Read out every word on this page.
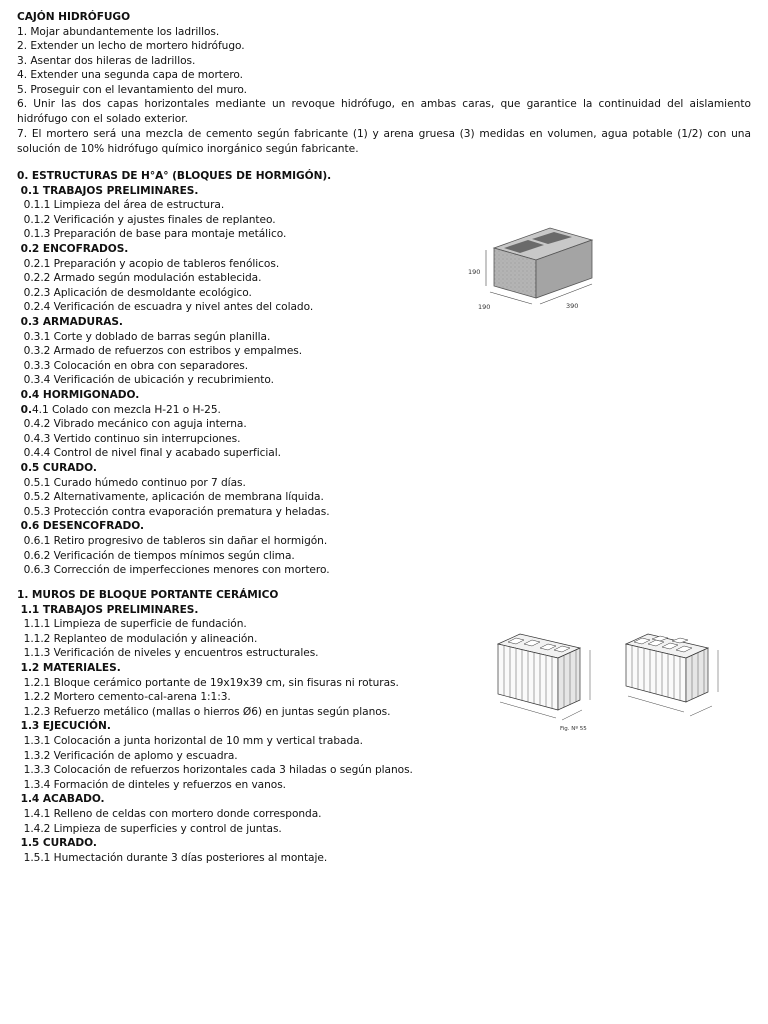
CAJÓN HIDRÓFUGO
1. Mojar abundantemente los ladrillos.
2. Extender un lecho de mortero hidrófugo.
3. Asentar dos hileras de ladrillos.
4. Extender una segunda capa de mortero.
5. Proseguir con el levantamiento del muro.
6. Unir las dos capas horizontales mediante un revoque hidrófugo, en ambas caras, que garantice la continuidad del aislamiento hidrófugo con el solado exterior.
7. El mortero será una mezcla de cemento según fabricante (1) y arena gruesa (3) medidas en volumen, agua potable (1/2) con una solución de 10% hidrófugo químico inorgánico según fabricante.
0. ESTRUCTURAS DE H°A° (BLOQUES DE HORMIGÓN).
0.1 TRABAJOS PRELIMINARES.
0.1.1 Limpieza del área de estructura.
0.1.2 Verificación y ajustes finales de replanteo.
0.1.3 Preparación de base para montaje metálico.
0.2 ENCOFRADOS.
0.2.1 Preparación y acopio de tableros fenólicos.
0.2.2 Armado según modulación establecida.
0.2.3 Aplicación de desmoldante ecológico.
0.2.4 Verificación de escuadra y nivel antes del colado.
0.3 ARMADURAS.
0.3.1 Corte y doblado de barras según planilla.
0.3.2 Armado de refuerzos con estribos y empalmes.
0.3.3 Colocación en obra con separadores.
0.3.4 Verificación de ubicación y recubrimiento.
0.4 HORMIGONADO.
0.4.1 Colado con mezcla H-21 o H-25.
0.4.2 Vibrado mecánico con aguja interna.
0.4.3 Vertido continuo sin interrupciones.
0.4.4 Control de nivel final y acabado superficial.
0.5 CURADO.
0.5.1 Curado húmedo continuo por 7 días.
0.5.2 Alternativamente, aplicación de membrana líquida.
0.5.3 Protección contra evaporación prematura y heladas.
0.6 DESENCOFRADO.
0.6.1 Retiro progresivo de tableros sin dañar el hormigón.
0.6.2 Verificación de tiempos mínimos según clima.
0.6.3 Corrección de imperfecciones menores con mortero.
1. MUROS DE BLOQUE PORTANTE CERÁMICO
1.1 TRABAJOS PRELIMINARES.
1.1.1 Limpieza de superficie de fundación.
1.1.2 Replanteo de modulación y alineación.
1.1.3 Verificación de niveles y encuentros estructurales.
1.2 MATERIALES.
1.2.1 Bloque cerámico portante de 19x19x39 cm, sin fisuras ni roturas.
1.2.2 Mortero cemento-cal-arena 1:1:3.
1.2.3 Refuerzo metálico (mallas o hierros Ø6) en juntas según planos.
1.3 EJECUCIÓN.
1.3.1 Colocación a junta horizontal de 10 mm y vertical trabada.
1.3.2 Verificación de aplomo y escuadra.
1.3.3 Colocación de refuerzos horizontales cada 3 hiladas o según planos.
1.3.4 Formación de dinteles y refuerzos en vanos.
1.4 ACABADO.
1.4.1 Relleno de celdas con mortero donde corresponda.
1.4.2 Limpieza de superficies y control de juntas.
1.5 CURADO.
1.5.1 Humectación durante 3 días posteriores al montaje.
190
190	390
Fig. Nº 55
